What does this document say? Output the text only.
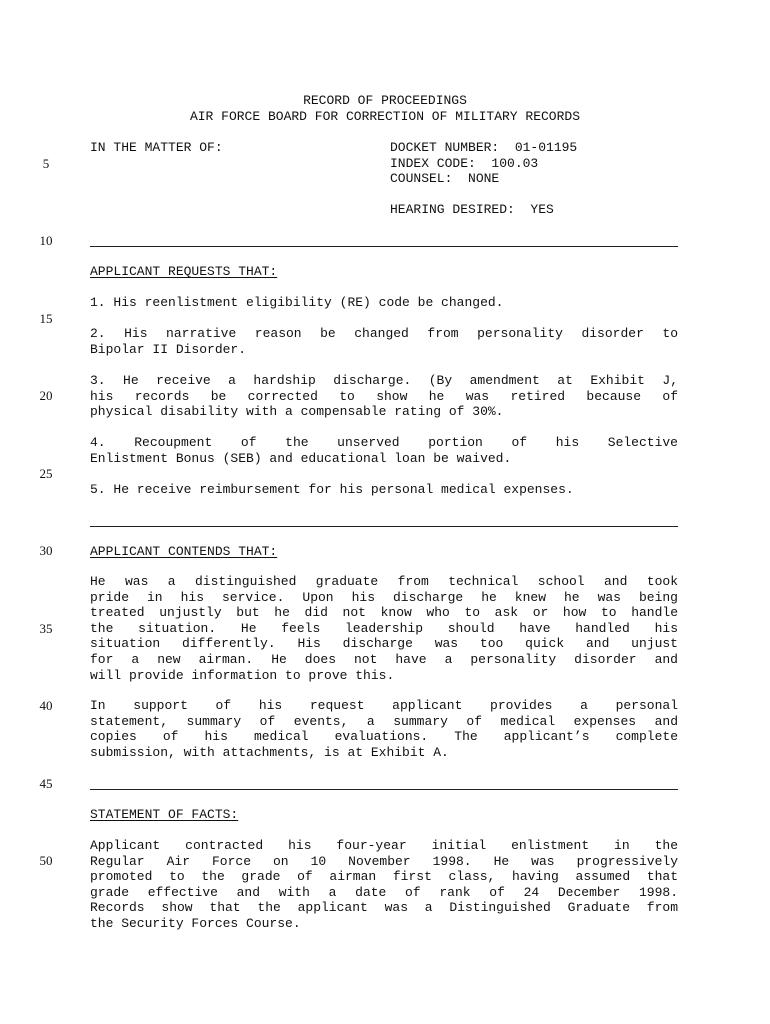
RECORD OF PROCEEDINGS
AIR FORCE BOARD FOR CORRECTION OF MILITARY RECORDS
IN THE MATTER OF:	DOCKET NUMBER:  01-01195
INDEX CODE:  100.03
COUNSEL:  NONE
HEARING DESIRED:  YES
5
10
15
20
25
30
35
40
45
50
APPLICANT REQUESTS THAT:
1. His reenlistment eligibility (RE) code be changed.
2. His narrative reason be changed from personality disorder to
Bipolar II Disorder.
3. He receive a hardship discharge. (By amendment at Exhibit J,
his records be corrected to show he was retired because of
physical disability with a compensable rating of 30%.
4. Recoupment of the unserved portion of his Selective
Enlistment Bonus (SEB) and educational loan be waived.
5. He receive reimbursement for his personal medical expenses.
APPLICANT CONTENDS THAT:
He was a distinguished graduate from technical school and took
pride in his service. Upon his discharge he knew he was being
treated unjustly but he did not know who to ask or how to handle
the situation. He feels leadership should have handled his
situation differently. His discharge was too quick and unjust
for a new airman. He does not have a personality disorder and
will provide information to prove this.
In support of his request applicant provides a personal
statement, summary of events, a summary of medical expenses and
copies of his medical evaluations. The applicant’s complete
submission, with attachments, is at Exhibit A.
STATEMENT OF FACTS:
Applicant contracted his four-year initial enlistment in the
Regular Air Force on 10 November 1998. He was progressively
promoted to the grade of airman first class, having assumed that
grade effective and with a date of rank of 24 December 1998.
Records show that the applicant was a Distinguished Graduate from
the Security Forces Course.
